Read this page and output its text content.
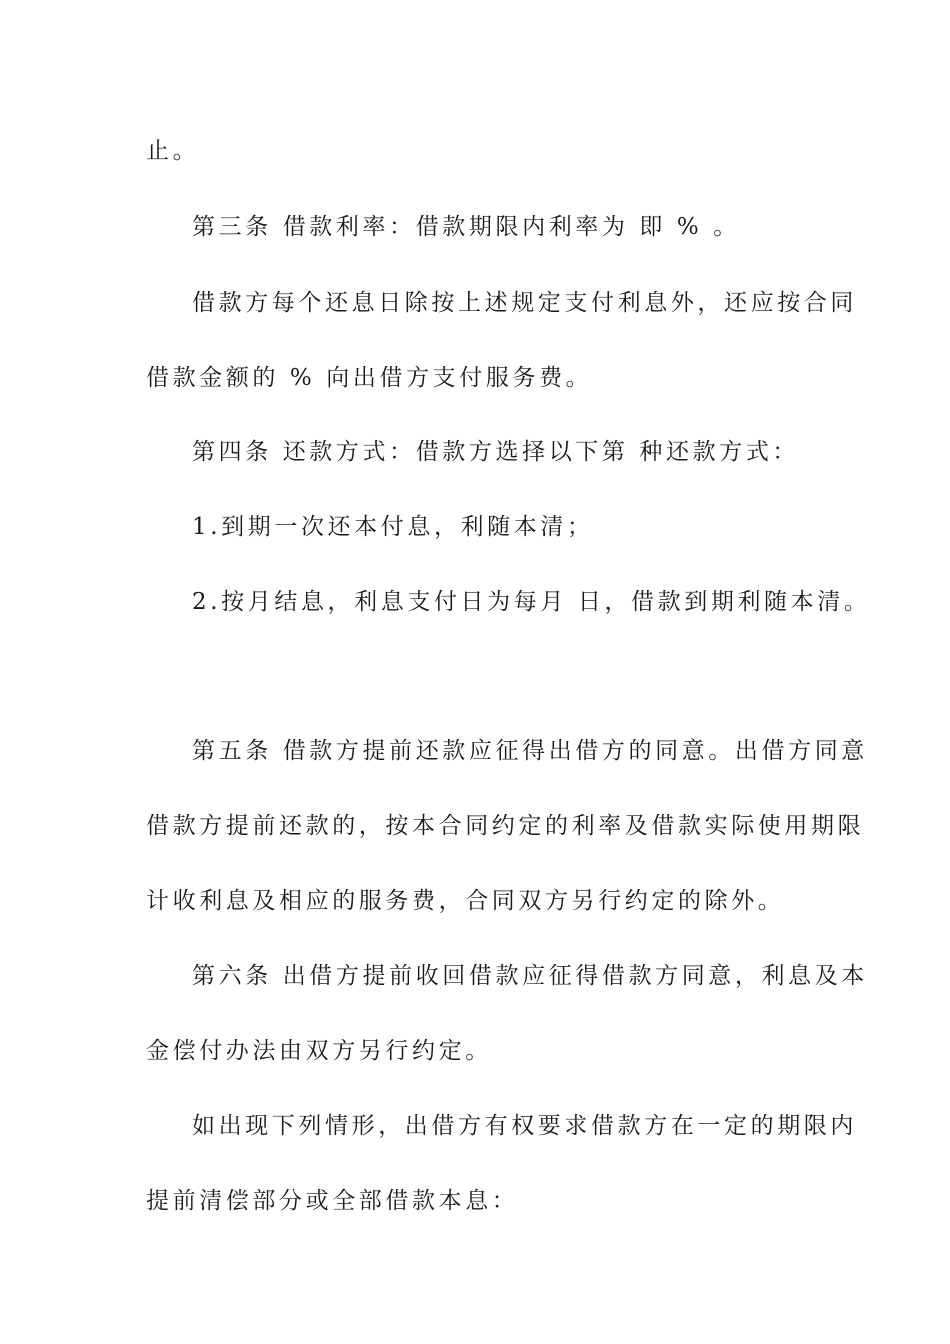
止。
第三条 借款利率：借款期限内利率为 即 % 。
借款方每个还息日除按上述规定支付利息外，还应按合同
借款金额的 % 向出借方支付服务费。
第四条 还款方式：借款方选择以下第 种还款方式：
1.到期一次还本付息，利随本清；
2.按月结息，利息支付日为每月 日，借款到期利随本清。
第五条 借款方提前还款应征得出借方的同意。出借方同意
借款方提前还款的，按本合同约定的利率及借款实际使用期限
计收利息及相应的服务费，合同双方另行约定的除外。
第六条 出借方提前收回借款应征得借款方同意，利息及本
金偿付办法由双方另行约定。
如出现下列情形，出借方有权要求借款方在一定的期限内
提前清偿部分或全部借款本息：
